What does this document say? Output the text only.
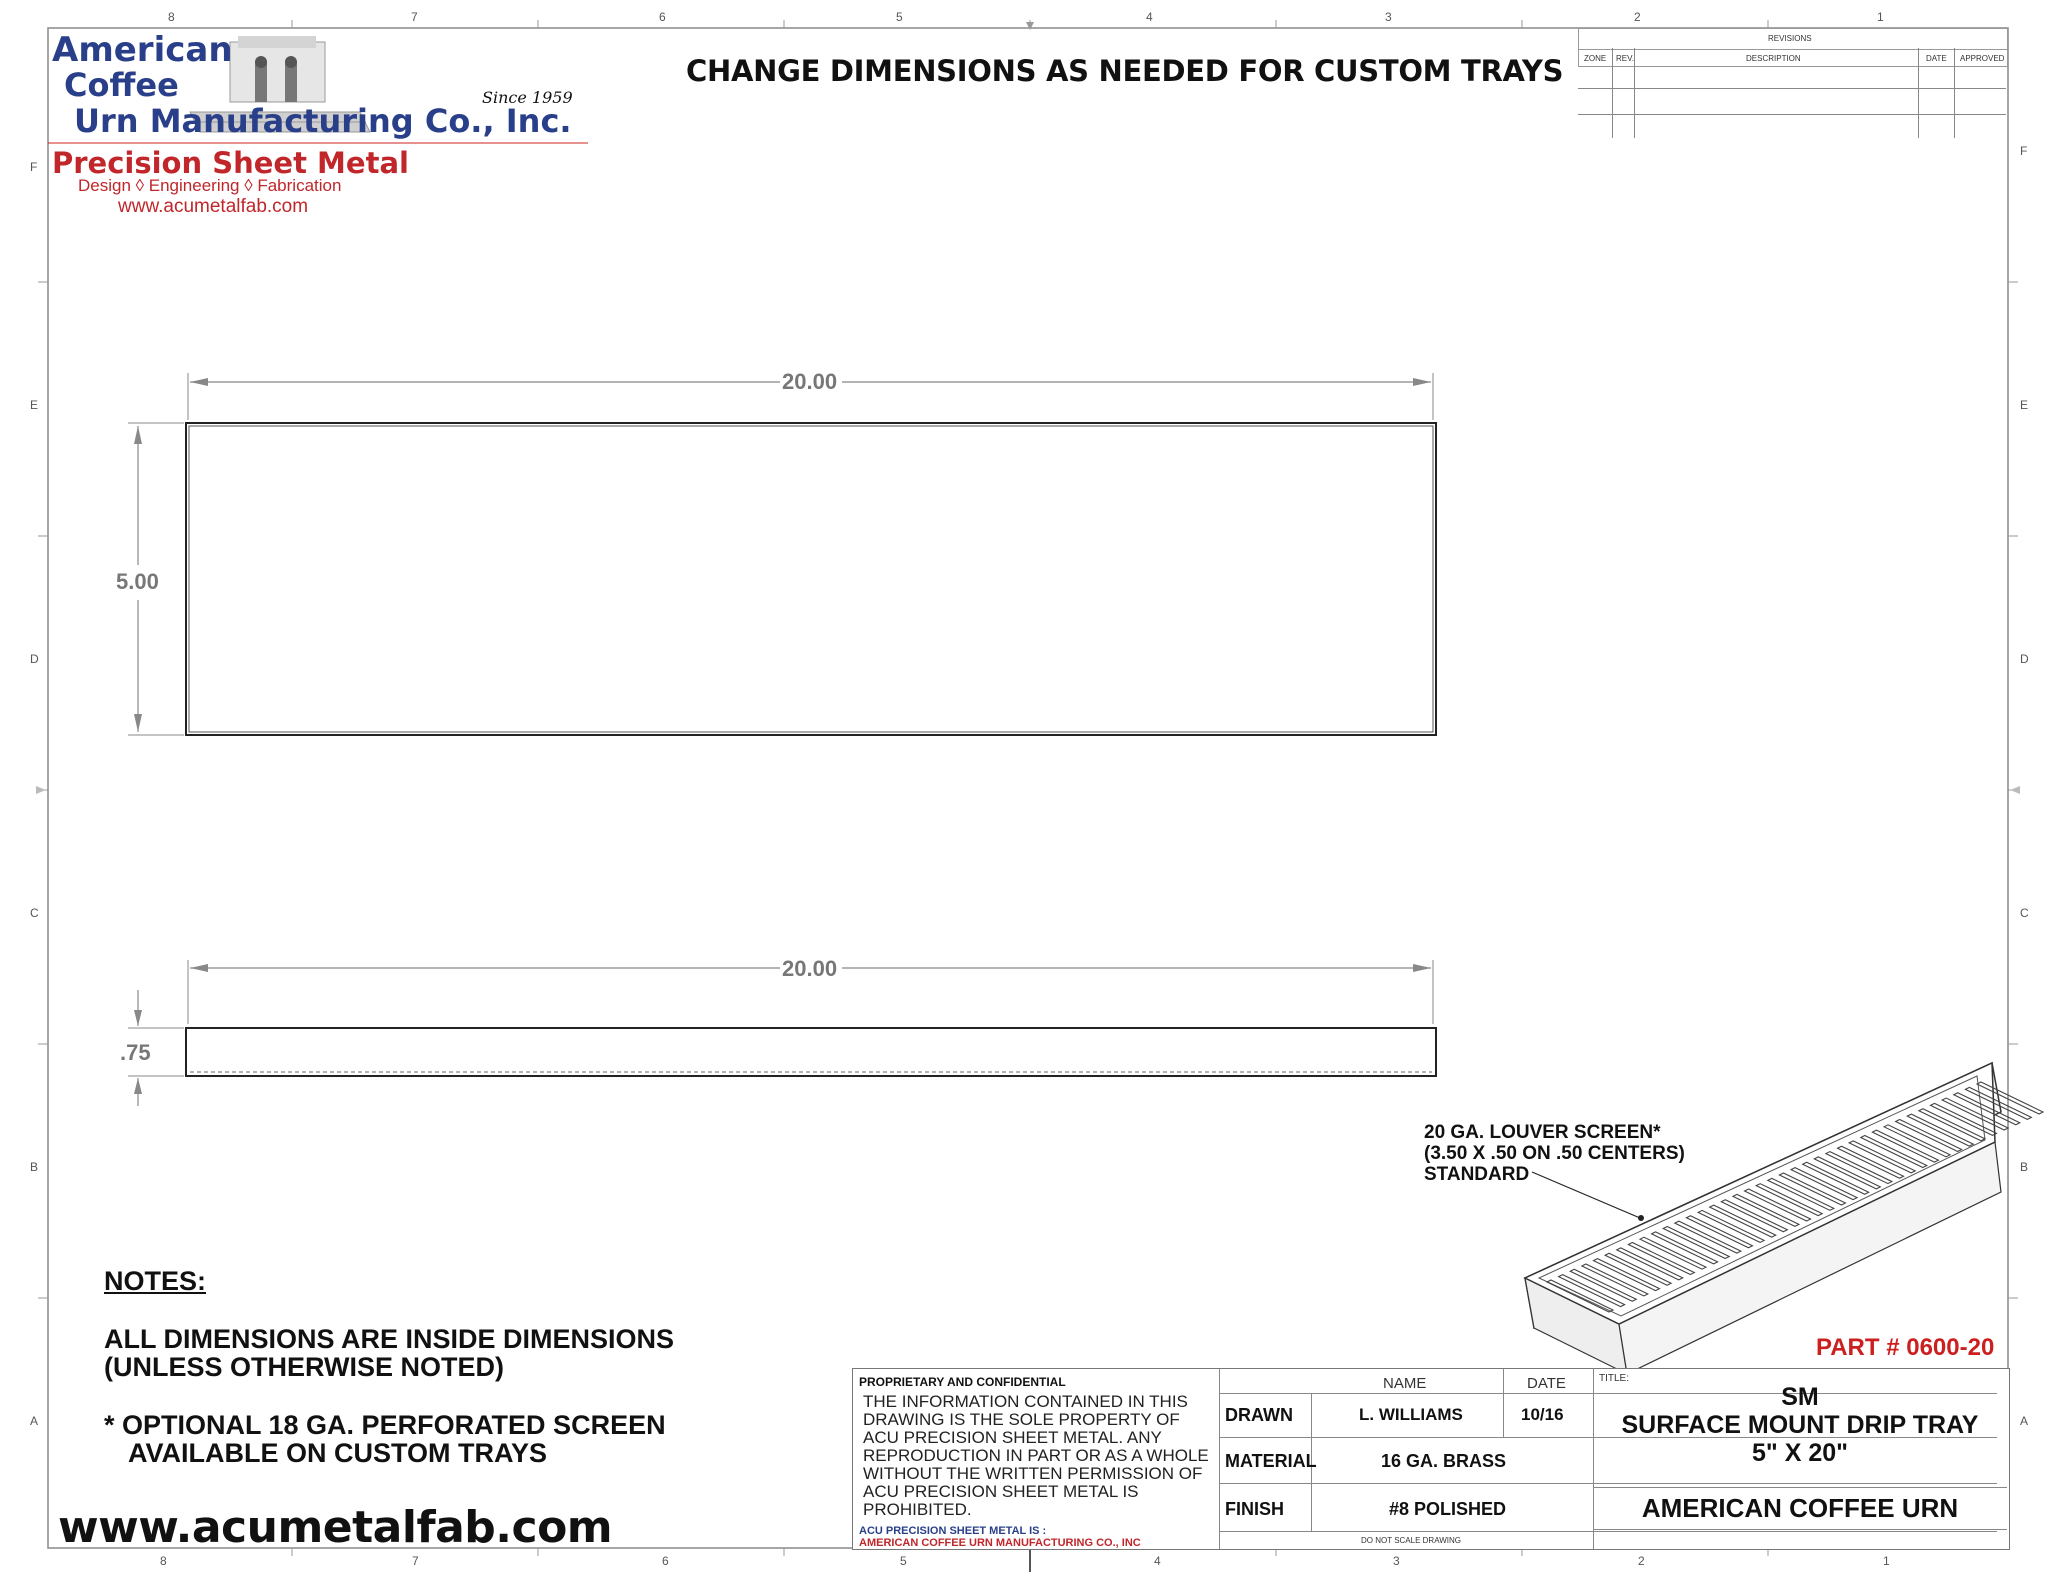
8	7	6	5	4	3	2	1
8	7	6	5	4	3	2	1
F
E
D
C
B
A
F
E
D
C
B
A
American
Coffee
Urn Manufacturing Co., Inc.
Since 1959
Precision Sheet Metal
Design ◊ Engineering ◊ Fabrication
www.acumetalfab.com
CHANGE DIMENSIONS AS NEEDED FOR CUSTOM TRAYS
REVISIONS
ZONE REV.	DESCRIPTION	DATE APPROVED
20.00
5.00
20.00
.75
20 GA. LOUVER SCREEN*
(3.50 X .50 ON .50 CENTERS)
STANDARD
PART # 0600-20
NOTES:
ALL DIMENSIONS ARE INSIDE DIMENSIONS
(UNLESS OTHERWISE NOTED)
* OPTIONAL 18 GA. PERFORATED SCREEN
AVAILABLE ON CUSTOM TRAYS
www.acumetalfab.com
PROPRIETARY AND CONFIDENTIAL
THE INFORMATION CONTAINED IN THIS DRAWING IS THE SOLE PROPERTY OF ACU PRECISION SHEET METAL. ANY REPRODUCTION IN PART OR AS A WHOLE WITHOUT THE WRITTEN PERMISSION OF ACU PRECISION SHEET METAL IS PROHIBITED.
ACU PRECISION SHEET METAL IS :
AMERICAN COFFEE URN MANUFACTURING CO., INC
NAME	DATE
DRAWN	L. WILLIAMS	10/16
MATERIAL	16 GA. BRASS
FINISH	#8 POLISHED
DO NOT SCALE DRAWING
TITLE:
SM
SURFACE MOUNT DRIP TRAY
5" X 20"
AMERICAN COFFEE URN
